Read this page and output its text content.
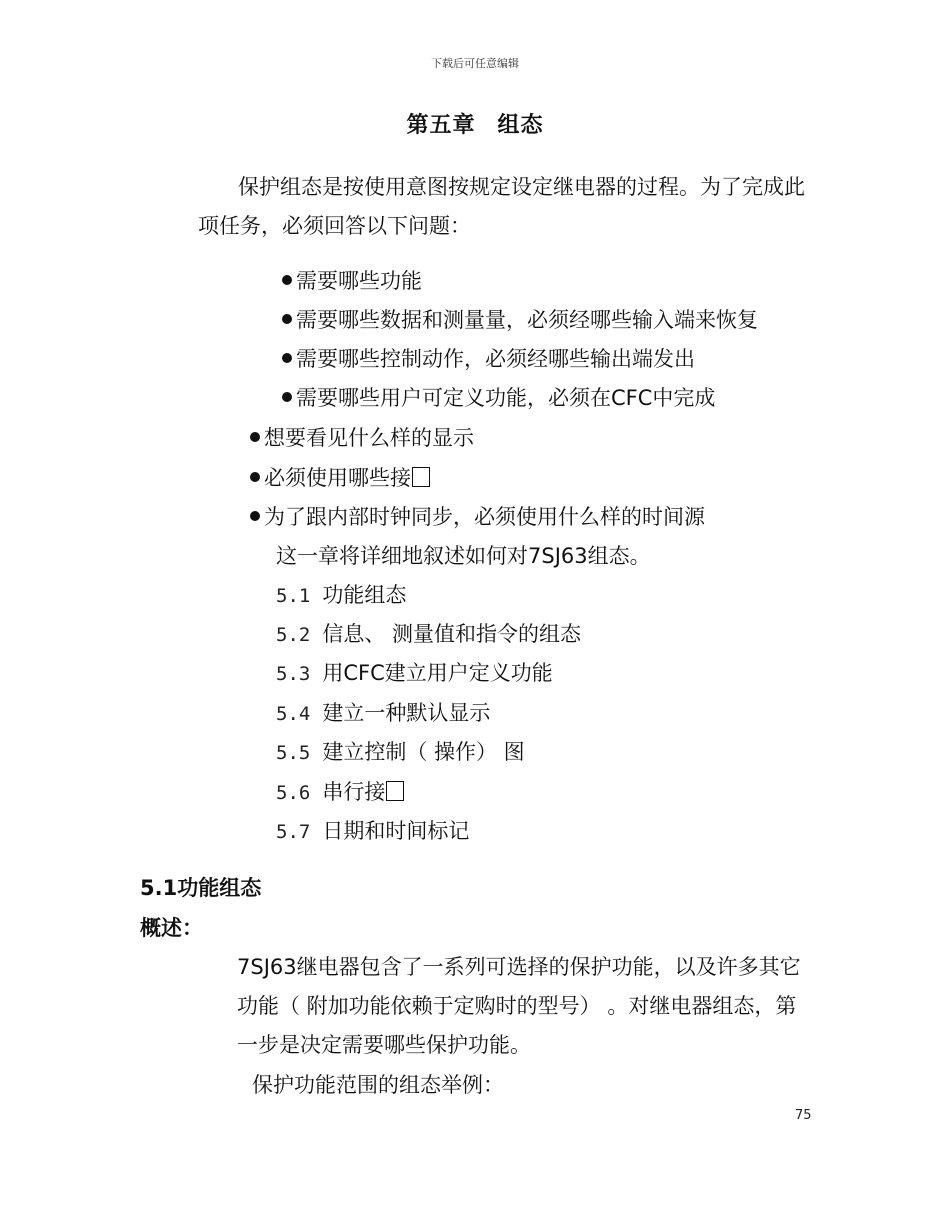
下载后可任意编辑
第五章 组态

保护组态是按使用意图按规定设定继电器的过程。为了完成此项任务，必须回答以下问题：

需要哪些功能
需要哪些数据和测量量，必须经哪些输入端来恢复
需要哪些控制动作，必须经哪些输出端发出
需要哪些用户可定义功能，必须在CFC中完成
想要看见什么样的显示
必须使用哪些接
为了跟内部时钟同步，必须使用什么样的时间源
这一章将详细地叙述如何对7SJ63组态。
5.1 功能组态
5.2 信息、 测量值和指令的组态
5.3 用CFC建立用户定义功能
5.4 建立一种默认显示
5.5 建立控制（ 操作） 图
5.6 串行接
5.7 日期和时间标记
5.1功能组态
概述：

7SJ63继电器包含了一系列可选择的保护功能，以及许多其它功能（ 附加功能依赖于定购时的型号） 。对继电器组态，第一步是决定需要哪些保护功能。

保护功能范围的组态举例：
75
